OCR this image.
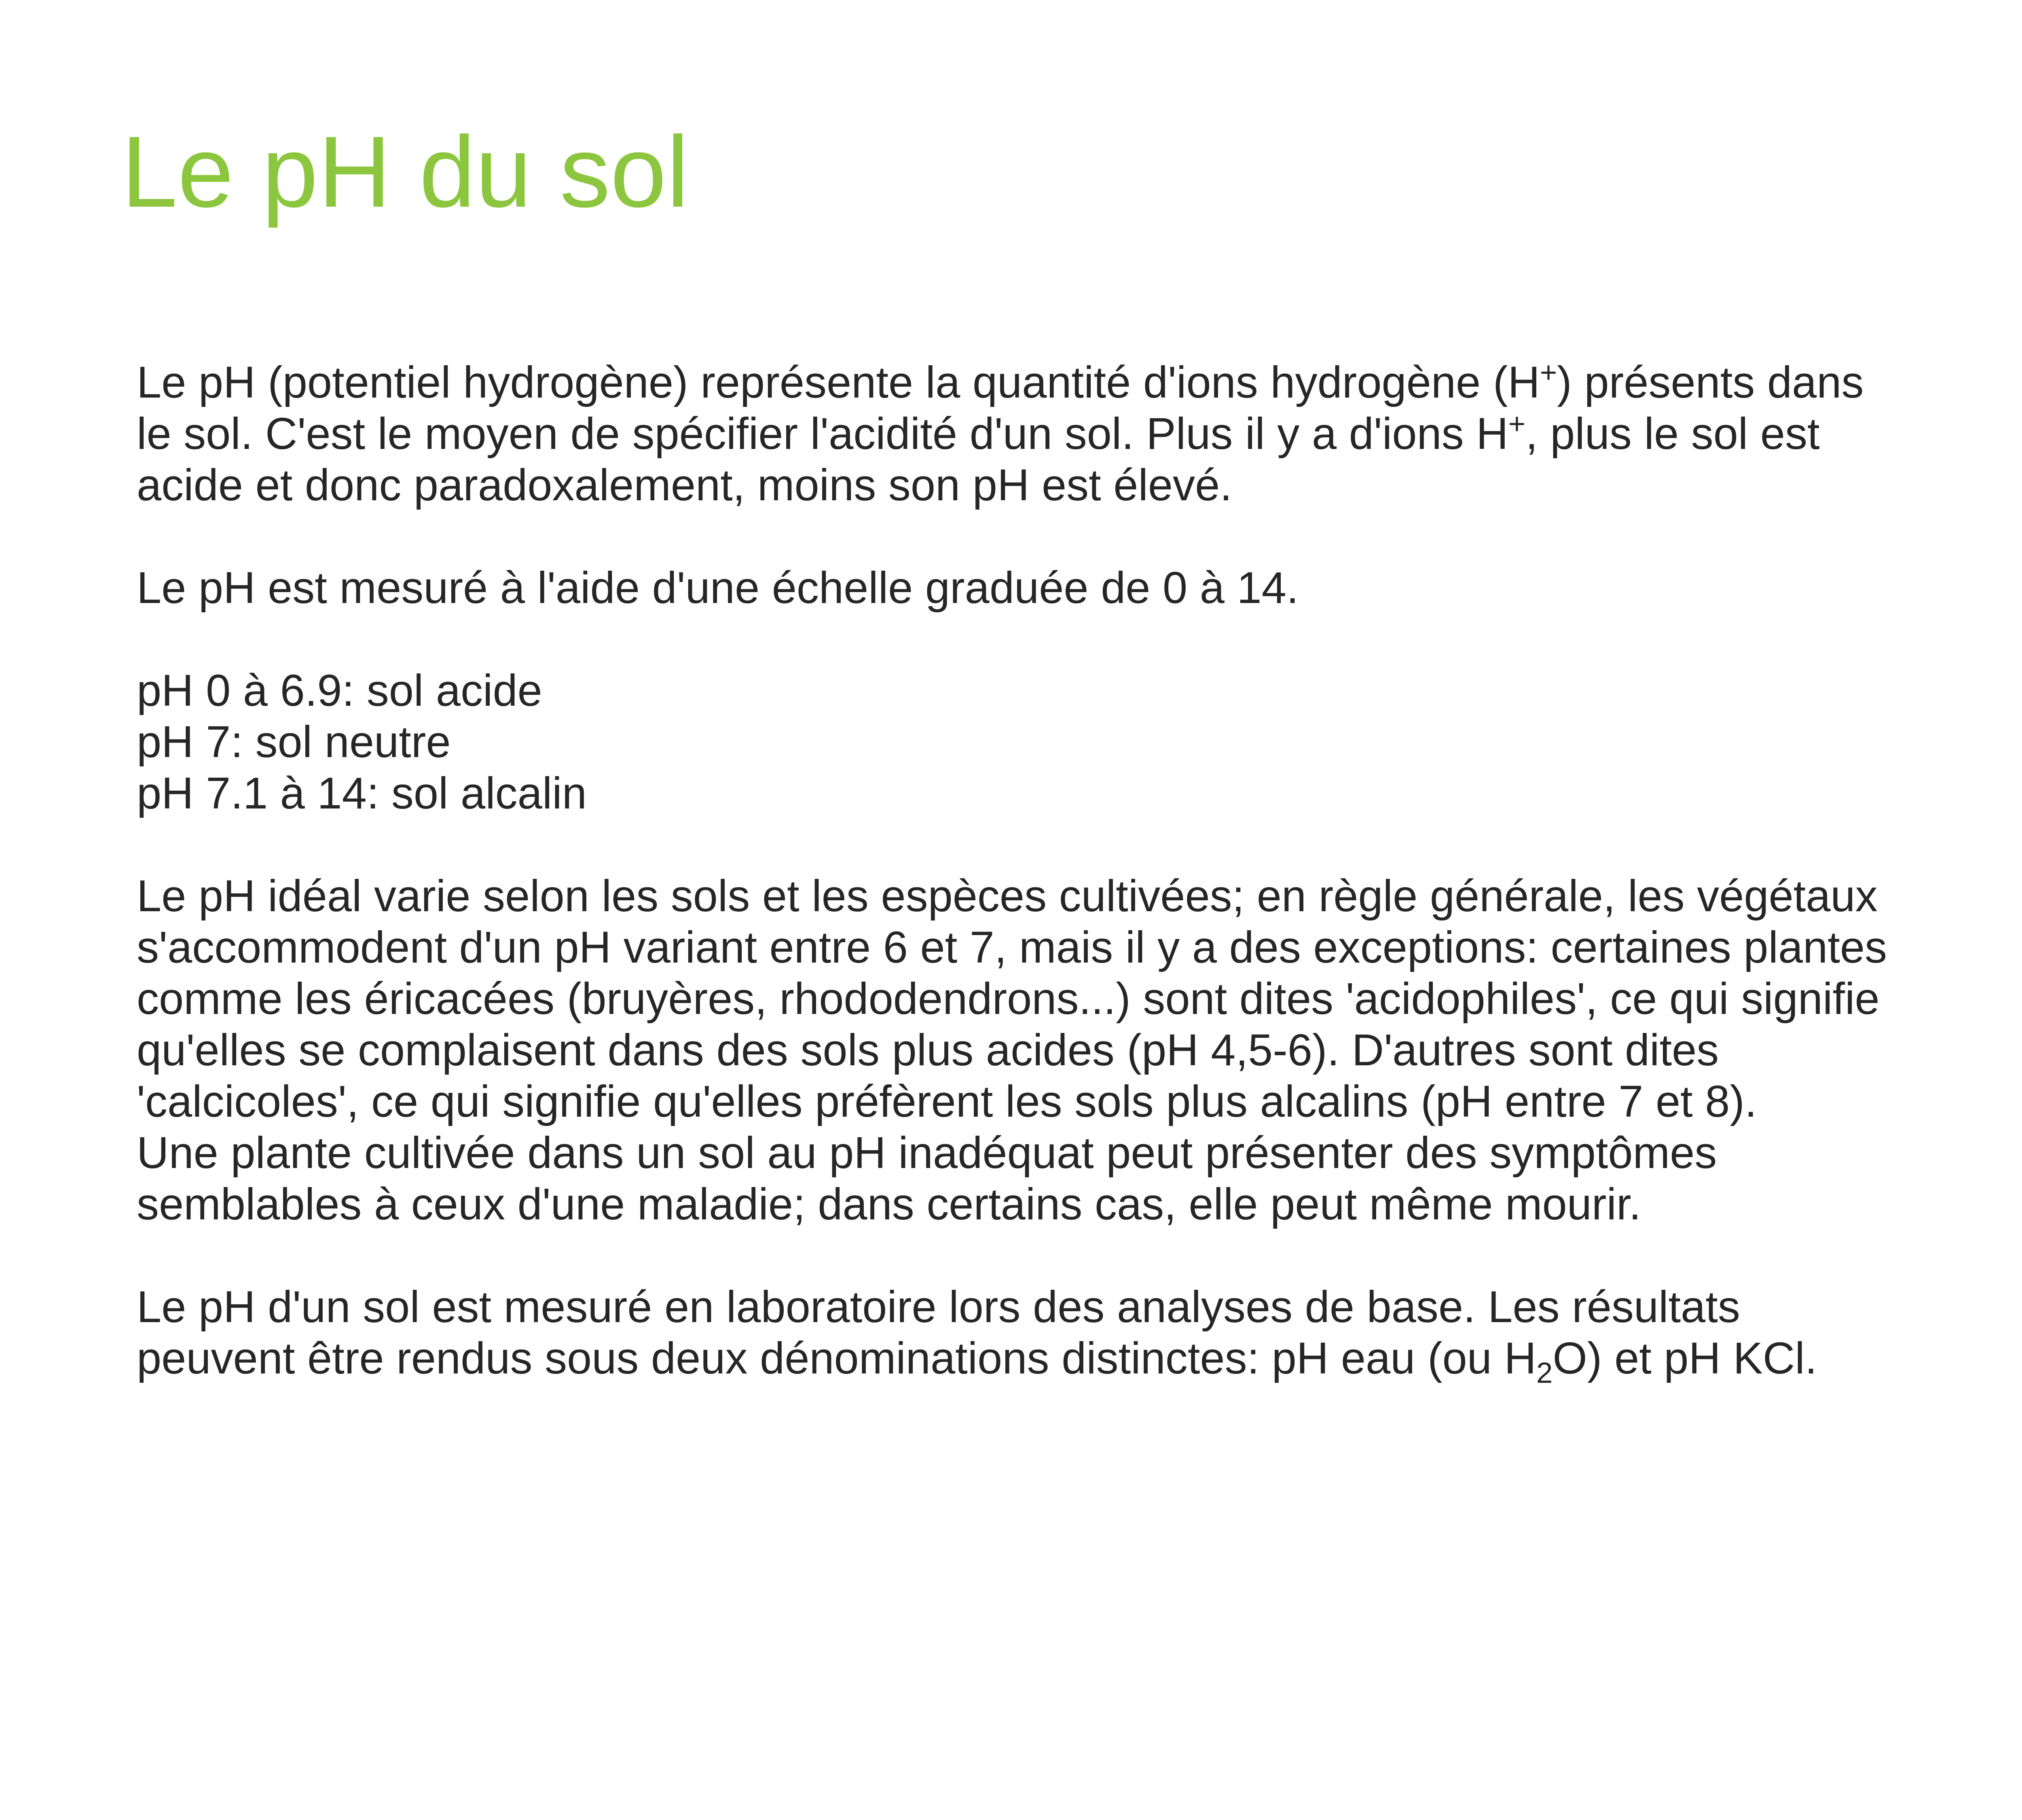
Le pH du sol

Le pH (potentiel hydrogène) représente la quantité d'ions hydrogène (H+) présents dans
le sol. C'est le moyen de spécifier l'acidité d'un sol. Plus il y a d'ions H+, plus le sol est
acide et donc paradoxalement, moins son pH est élevé.

Le pH est mesuré à l'aide d'une échelle graduée de 0 à 14.

pH 0 à 6.9: sol acide
pH 7: sol neutre
pH 7.1 à 14: sol alcalin

Le pH idéal varie selon les sols et les espèces cultivées; en règle générale, les végétaux
s'accommodent d'un pH variant entre 6 et 7, mais il y a des exceptions: certaines plantes
comme les éricacées (bruyères, rhododendrons...) sont dites 'acidophiles', ce qui signifie
qu'elles se complaisent dans des sols plus acides (pH 4,5-6). D'autres sont dites
'calcicoles', ce qui signifie qu'elles préfèrent les sols plus alcalins (pH entre 7 et 8).
Une plante cultivée dans un sol au pH inadéquat peut présenter des symptômes
semblables à ceux d'une maladie; dans certains cas, elle peut même mourir.

Le pH d'un sol est mesuré en laboratoire lors des analyses de base. Les résultats
peuvent être rendus sous deux dénominations distinctes: pH eau (ou $H_2O$) et pH KCl.
